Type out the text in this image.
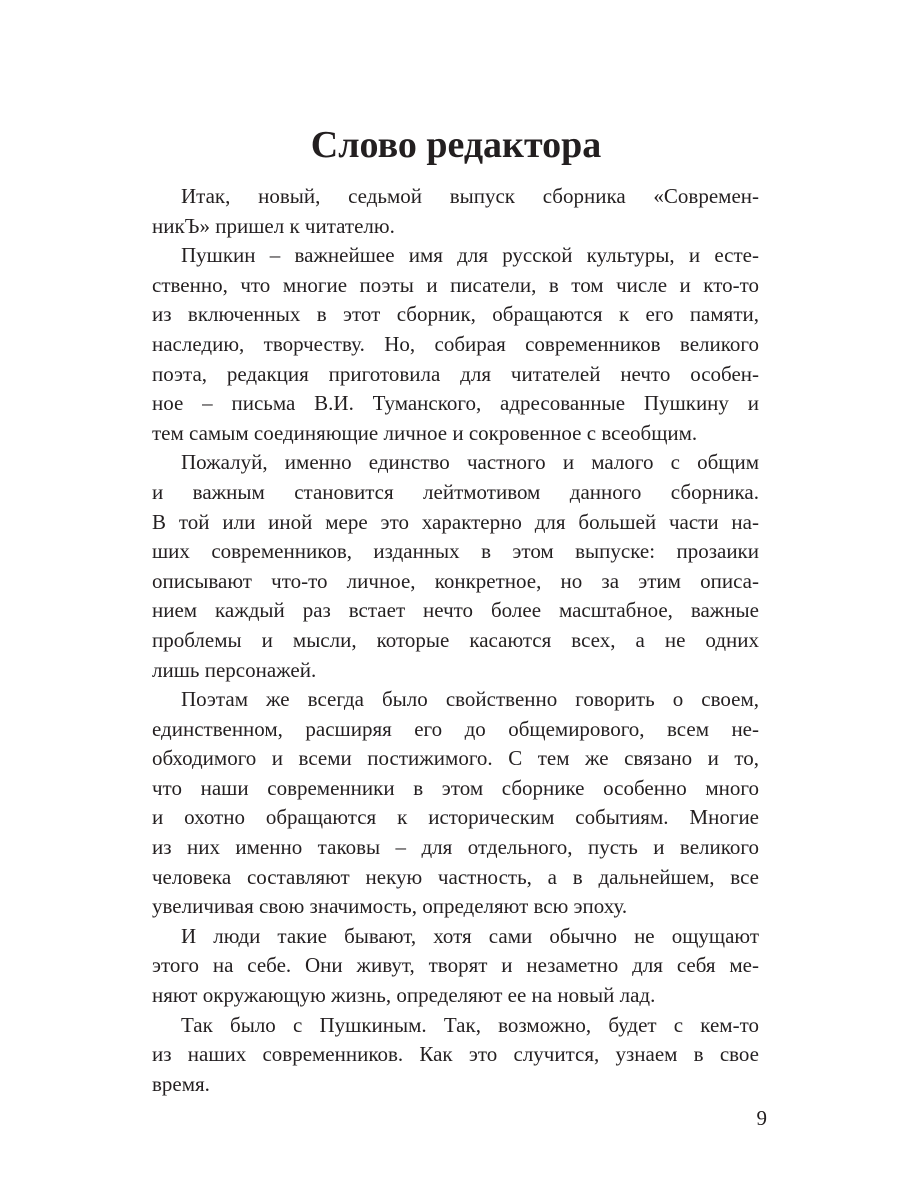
Слово редактора
Итак, новый, седьмой выпуск сборника «Современ-
никЪ» пришел к читателю.
Пушкин – важнейшее имя для русской культуры, и есте-
ственно, что многие поэты и писатели, в том числе и кто-то
из включенных в этот сборник, обращаются к его памяти,
наследию, творчеству. Но, собирая современников великого
поэта, редакция приготовила для читателей нечто особен-
ное – письма В.И. Туманского, адресованные Пушкину и
тем самым соединяющие личное и сокровенное с всеобщим.
Пожалуй, именно единство частного и малого с общим
и важным становится лейтмотивом данного сборника.
В той или иной мере это характерно для большей части на-
ших современников, изданных в этом выпуске: прозаики
описывают что-то личное, конкретное, но за этим описа-
нием каждый раз встает нечто более масштабное, важные
проблемы и мысли, которые касаются всех, а не одних
лишь персонажей.
Поэтам же всегда было свойственно говорить о своем,
единственном, расширяя его до общемирового, всем не-
обходимого и всеми постижимого. С тем же связано и то,
что наши современники в этом сборнике особенно много
и охотно обращаются к историческим событиям. Многие
из них именно таковы – для отдельного, пусть и великого
человека составляют некую частность, а в дальнейшем, все
увеличивая свою значимость, определяют всю эпоху.
И люди такие бывают, хотя сами обычно не ощущают
этого на себе. Они живут, творят и незаметно для себя ме-
няют окружающую жизнь, определяют ее на новый лад.
Так было с Пушкиным. Так, возможно, будет с кем-то
из наших современников. Как это случится, узнаем в свое
время.
9
